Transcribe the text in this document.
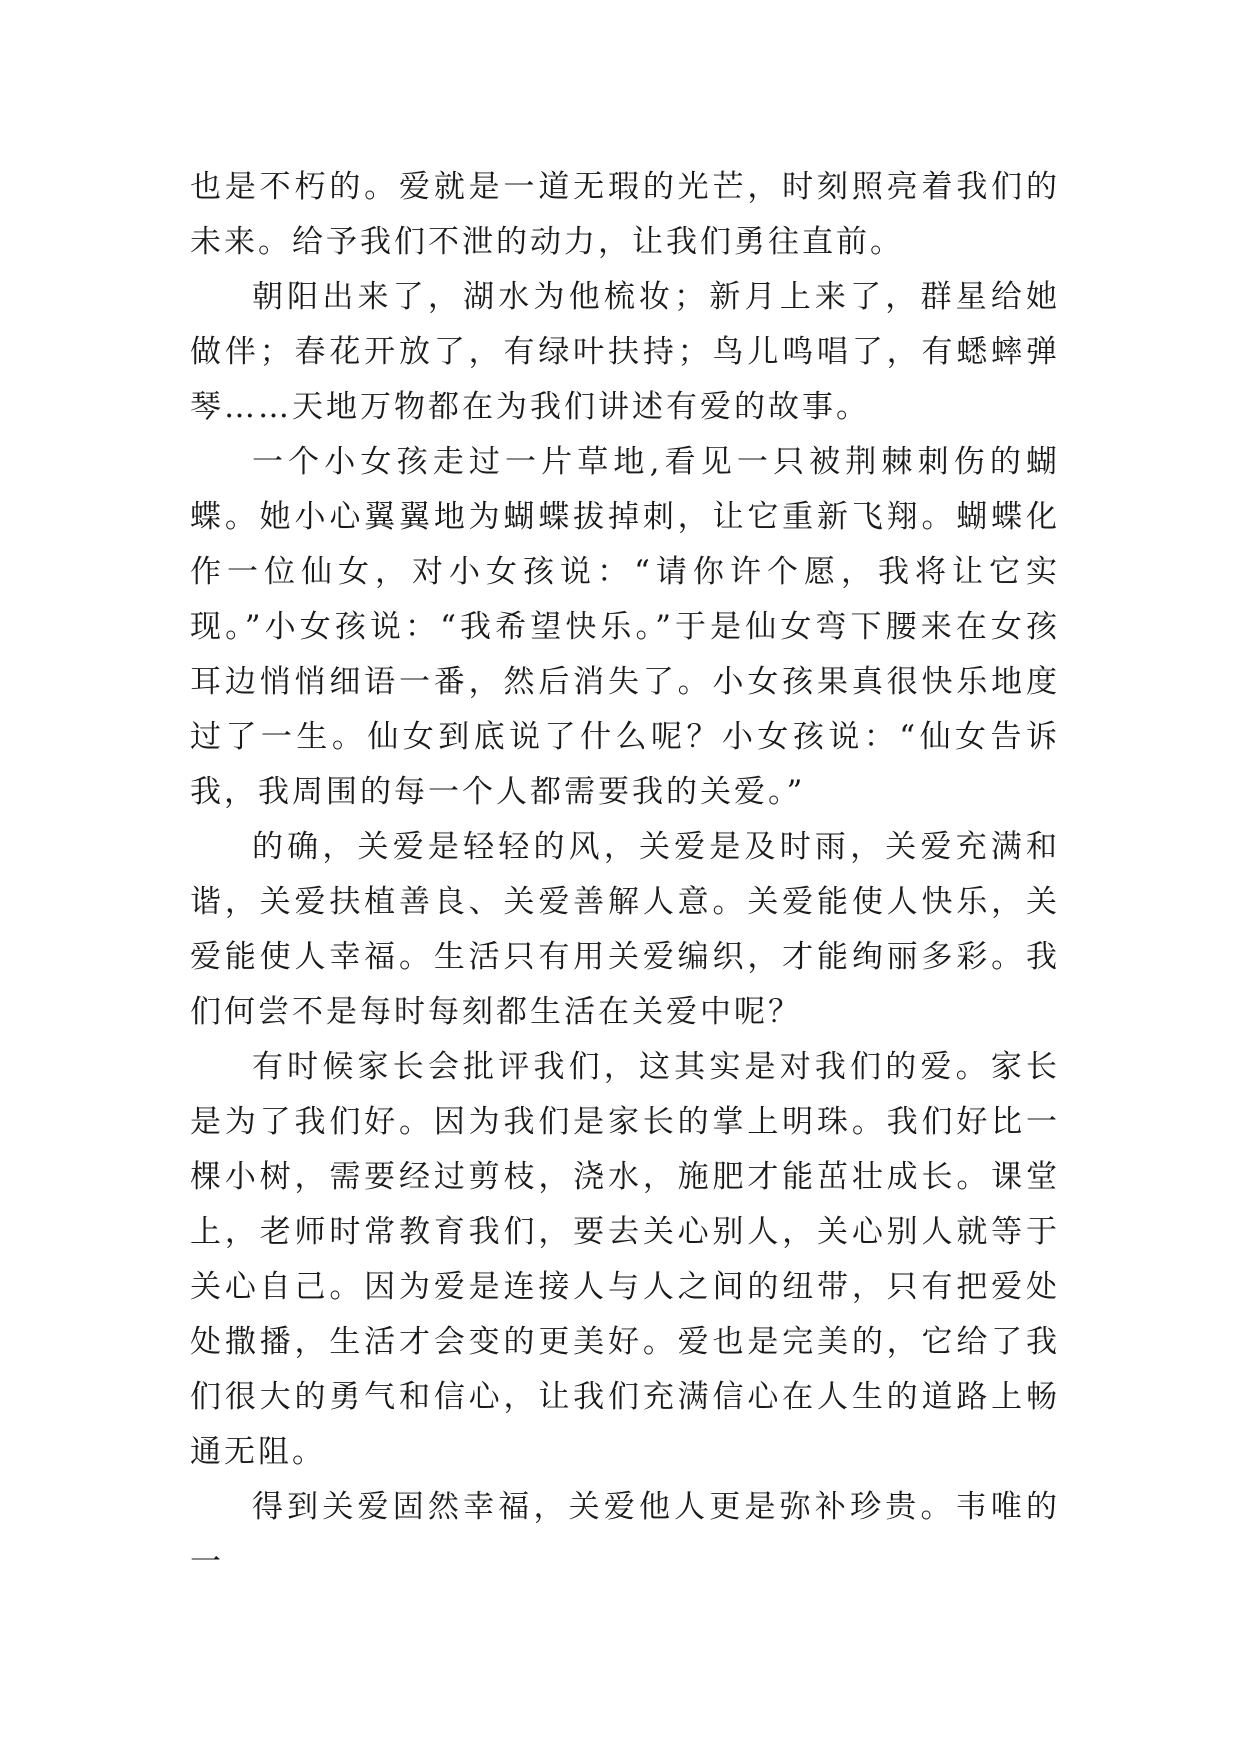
也是不朽的。爱就是一道无瑕的光芒，时刻照亮着我们的未来。给予我们不泄的动力，让我们勇往直前。

朝阳出来了，湖水为他梳妆；新月上来了，群星给她做伴；春花开放了，有绿叶扶持；鸟儿鸣唱了，有蟋蟀弹琴……天地万物都在为我们讲述有爱的故事。

一个小女孩走过一片草地,看见一只被荆棘刺伤的蝴蝶。她小心翼翼地为蝴蝶拔掉刺，让它重新飞翔。蝴蝶化作一位仙女，对小女孩说：“请你许个愿，我将让它实现。”小女孩说：“我希望快乐。”于是仙女弯下腰来在女孩耳边悄悄细语一番，然后消失了。小女孩果真很快乐地度过了一生。仙女到底说了什么呢？小女孩说：“仙女告诉我，我周围的每一个人都需要我的关爱。”

的确，关爱是轻轻的风，关爱是及时雨，关爱充满和谐，关爱扶植善良、关爱善解人意。关爱能使人快乐，关爱能使人幸福。生活只有用关爱编织，才能绚丽多彩。我们何尝不是每时每刻都生活在关爱中呢？

有时候家长会批评我们，这其实是对我们的爱。家长是为了我们好。因为我们是家长的掌上明珠。我们好比一棵小树，需要经过剪枝，浇水，施肥才能茁壮成长。课堂上，老师时常教育我们，要去关心别人，关心别人就等于关心自己。因为爱是连接人与人之间的纽带，只有把爱处处撒播，生活才会变的更美好。爱也是完美的，它给了我们很大的勇气和信心，让我们充满信心在人生的道路上畅通无阻。

得到关爱固然幸福，关爱他人更是弥补珍贵。韦唯的一
